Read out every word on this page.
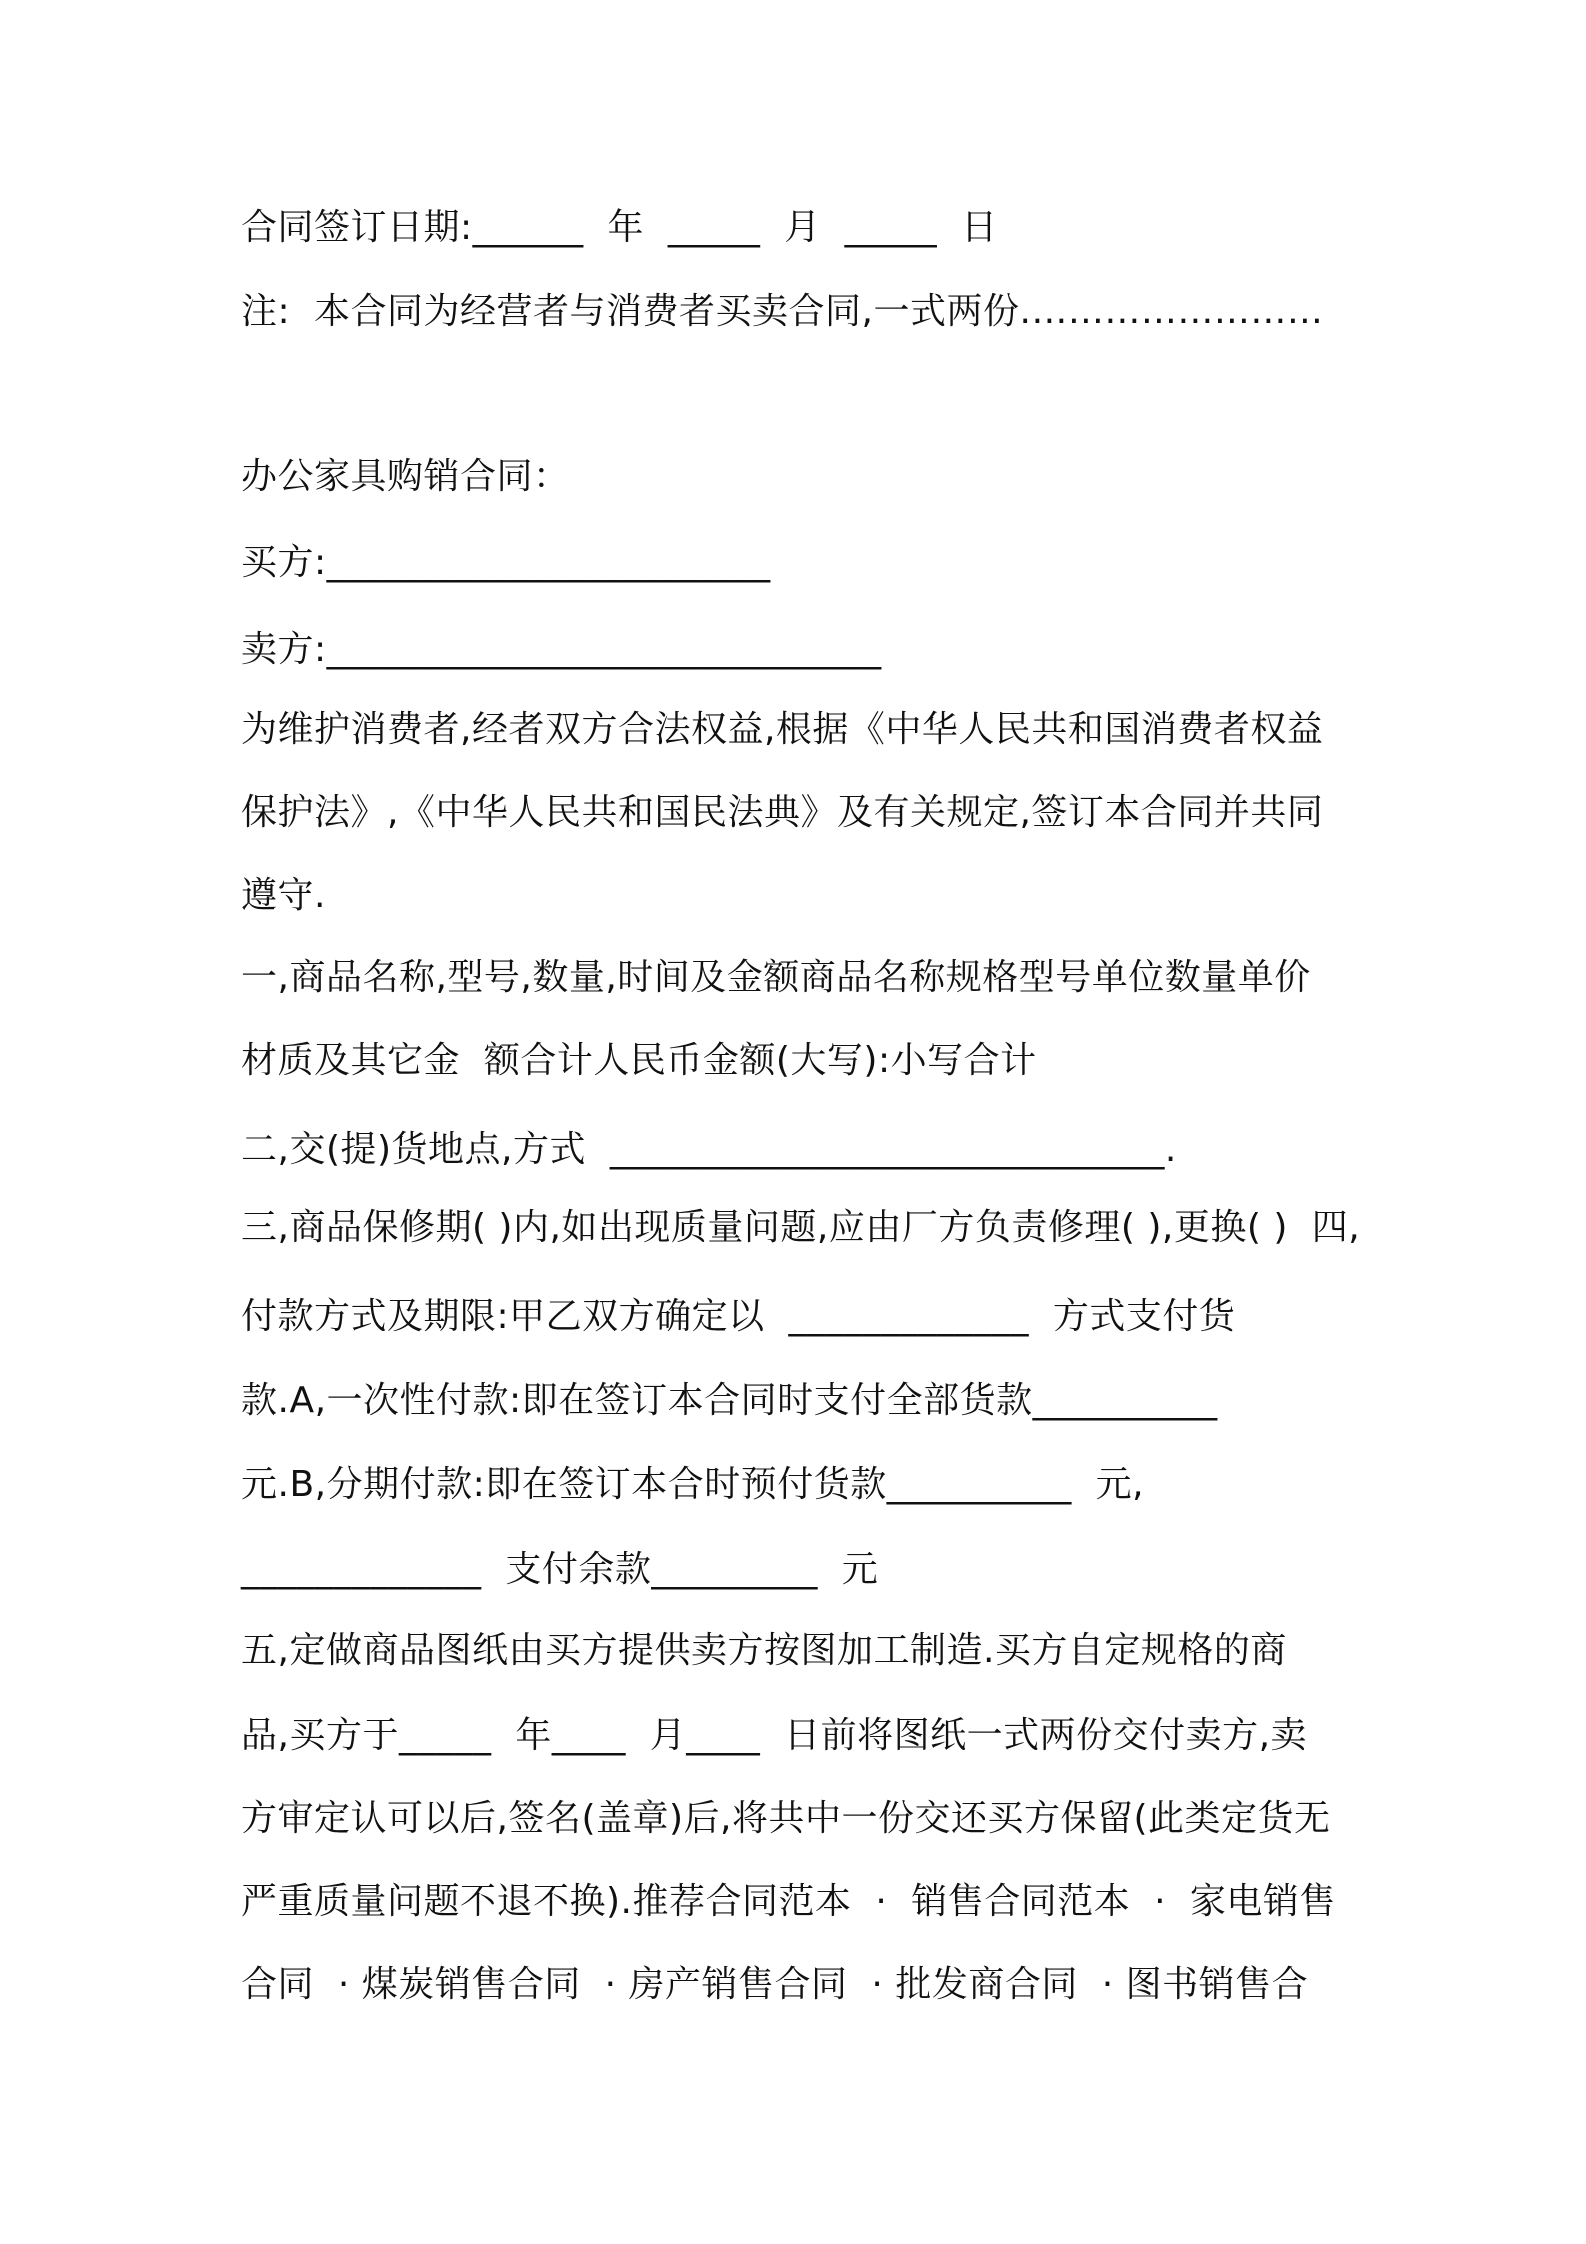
合同签订日期:______  年  _____  月  _____  日
注:  本合同为经营者与消费者买卖合同,一式两份.……………………
办公家具购销合同：
买方:________________________
卖方:______________________________
为维护消费者,经者双方合法权益,根据《中华人民共和国消费者权益
保护法》,《中华人民共和国民法典》及有关规定,签订本合同并共同
遵守.
一,商品名称,型号,数量,时间及金额商品名称规格型号单位数量单价
材质及其它金  额合计人民币金额(大写):小写合计
二,交(提)货地点,方式  ______________________________.
三,商品保修期( )内,如出现质量问题,应由厂方负责修理( ),更换( )  四,
付款方式及期限:甲乙双方确定以  _____________  方式支付货
款.A,一次性付款:即在签订本合同时支付全部货款__________
元.B,分期付款:即在签订本合时预付货款__________  元,
_____________  支付余款_________  元
五,定做商品图纸由买方提供卖方按图加工制造.买方自定规格的商
品,买方于_____  年____  月____  日前将图纸一式两份交付卖方,卖
方审定认可以后,签名(盖章)后,将共中一份交还买方保留(此类定货无
严重质量问题不退不换).推荐合同范本  ·  销售合同范本  ·  家电销售
合同  · 煤炭销售合同  · 房产销售合同  · 批发商合同  · 图书销售合
